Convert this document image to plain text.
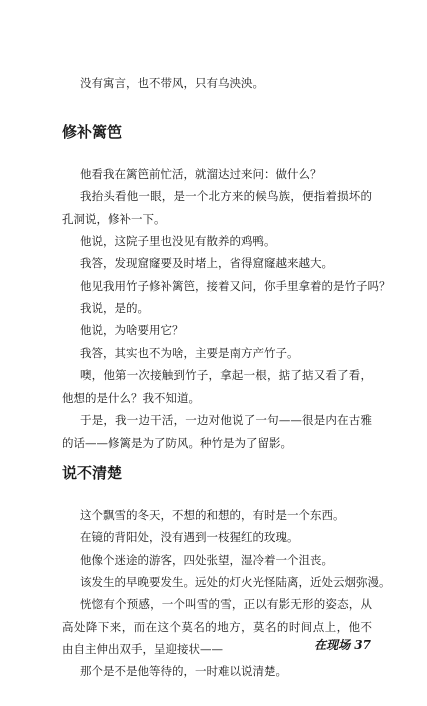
没有寓言，也不带风，只有乌泱泱。

修补篱笆

他看我在篱笆前忙活，就溜达过来问：做什么？

我抬头看他一眼，是一个北方来的候鸟族，便指着损坏的孔洞说，修补一下。

他说，这院子里也没见有散养的鸡鸭。

我答，发现窟窿要及时堵上，省得窟窿越来越大。

他见我用竹子修补篱笆，接着又问，你手里拿着的是竹子吗？

我说，是的。

他说，为啥要用它？

我答，其实也不为啥，主要是南方产竹子。

噢，他第一次接触到竹子，拿起一根，掂了掂又看了看，他想的是什么？我不知道。

于是，我一边干活，一边对他说了一句——很是内在古雅的话——修篱是为了防风。种竹是为了留影。

说不清楚

这个飘雪的冬天，不想的和想的，有时是一个东西。

在镜的背阳处，没有遇到一枝猩红的玫瑰。

他像个迷途的游客，四处张望，湿冷着一个沮丧。

该发生的早晚要发生。远处的灯火光怪陆离，近处云烟弥漫。

恍惚有个预感，一个叫雪的雪，正以有影无形的姿态，从高处降下来，而在这个莫名的地方，莫名的时间点上，他不由自主伸出双手，呈迎接状——

那个是不是他等待的，一时难以说清楚。

在现场 37
